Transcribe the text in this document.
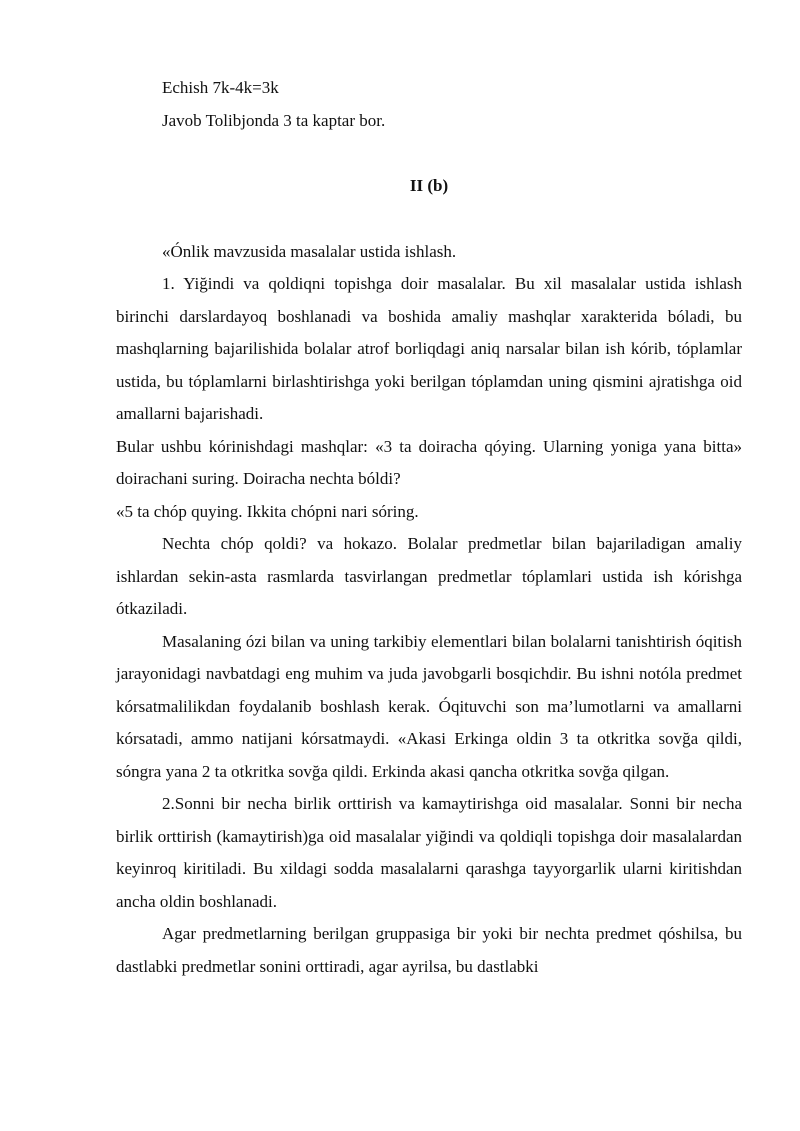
Echish 7k-4k=3k
Javob Tolibjonda 3 ta kaptar bor.
II (b)

«Ónlik mavzusida masalalar ustida ishlash.

1. Yiğindi va qoldiqni topishga doir masalalar. Bu xil masalalar ustida ishlash birinchi darslardayoq boshlanadi va boshida amaliy mashqlar xarakterida bóladi, bu mashqlarning bajarilishida bolalar atrof borliqdagi aniq narsalar bilan ish kórib, tóplamlar ustida, bu tóplamlarni birlashtirishga yoki berilgan tóplamdan uning qismini ajratishga oid amallarni bajarishadi.

Bular ushbu kórinishdagi mashqlar: «3 ta doiracha qóying. Ularning yoniga yana bitta» doirachani suring. Doiracha nechta bóldi?

«5 ta chóp quying. Ikkita chópni nari sóring.

Nechta chóp qoldi? va hokazo. Bolalar predmetlar bilan bajariladigan amaliy ishlardan sekin-asta rasmlarda tasvirlangan predmetlar tóplamlari ustida ish kórishga ótkaziladi.

Masalaning ózi bilan va uning tarkibiy elementlari bilan bolalarni tanishtirish óqitish jarayonidagi navbatdagi eng muhim va juda javobgarli bosqichdir. Bu ishni notóla predmet kórsatmalilikdan foydalanib boshlash kerak. Óqituvchi son ma’lumotlarni va amallarni kórsatadi, ammo natijani kórsatmaydi. «Akasi Erkinga oldin 3 ta otkritka sovğa qildi, sóngra yana 2 ta otkritka sovğa qildi. Erkinda akasi qancha otkritka sovğa qilgan.

2.Sonni bir necha birlik orttirish va kamaytirishga oid masalalar. Sonni bir necha birlik orttirish (kamaytirish)ga oid masalalar yiğindi va qoldiqli topishga doir masalalardan keyinroq kiritiladi. Bu xildagi sodda masalalarni qarashga tayyorgarlik ularni kiritishdan ancha oldin boshlanadi.

Agar predmetlarning berilgan gruppasiga bir yoki bir nechta predmet qóshilsa, bu dastlabki predmetlar sonini orttiradi, agar ayrilsa, bu dastlabki
